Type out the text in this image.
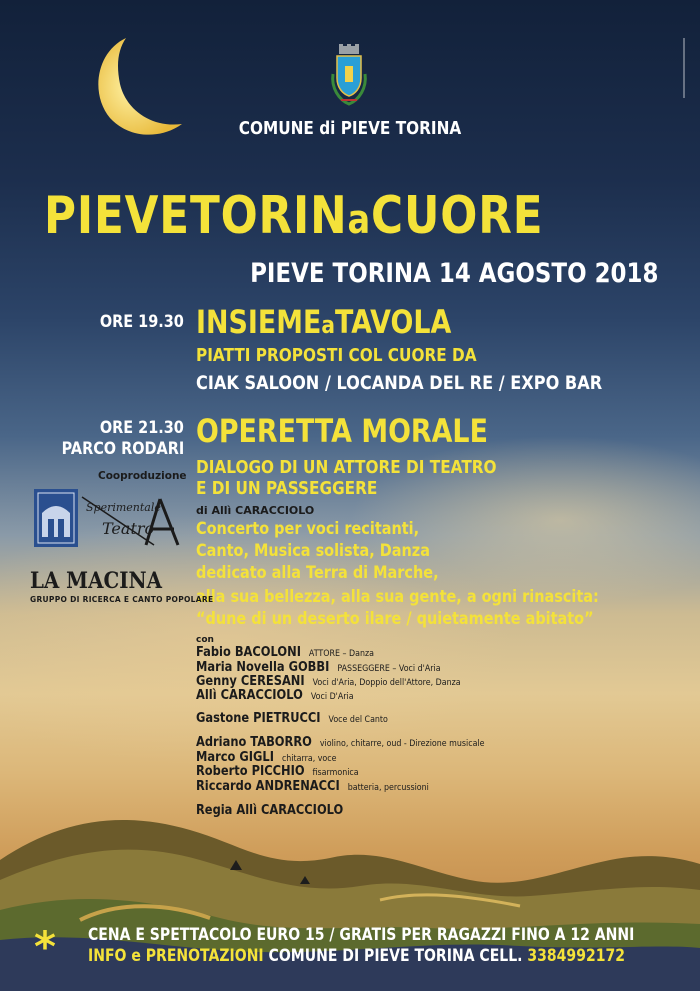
COMUNE di PIEVE TORINA
PIEVETORINaCUORE
PIEVE TORINA 14 AGOSTO 2018
ORE 19.30 INSIEMEaTAVOLA
PIATTI PROPOSTI COL CUORE DA
CIAK SALOON / LOCANDA DEL RE / EXPO BAR
ORE 21.30
PARCO RODARI OPERETTA MORALE
DIALOGO DI UN ATTORE DI TEATRO
E DI UN PASSEGGERE
di Allì CARACCIOLO
Concerto per voci recitanti,
Canto, Musica solista, Danza
dedicato alla Terra di Marche,
alla sua bellezza, alla sua gente, a ogni rinascita:
“dune di un deserto ilare / quietamente abitato”
con
Cooproduzione
Sperimentale
Teatro
LA MACINA
GRUPPO DI RICERCA E CANTO POPOLARE
Fabio BACOLONI ATTORE – Danza
Maria Novella GOBBI PASSEGGERE – Voci d'Aria
Genny CERESANI Voci d'Aria, Doppio dell'Attore, Danza
Allì CARACCIOLO Voci D'Aria
Gastone PIETRUCCI Voce del Canto
Adriano TABORRO violino, chitarre, oud - Direzione musicale
Marco GIGLI chitarra, voce
Roberto PICCHIO fisarmonica
Riccardo ANDRENACCI batteria, percussioni
Regia Allì CARACCIOLO
* CENA E SPETTACOLO EURO 15 / GRATIS PER RAGAZZI FINO A 12 ANNI
INFO e PRENOTAZIONI COMUNE DI PIEVE TORINA CELL. 3384992172
